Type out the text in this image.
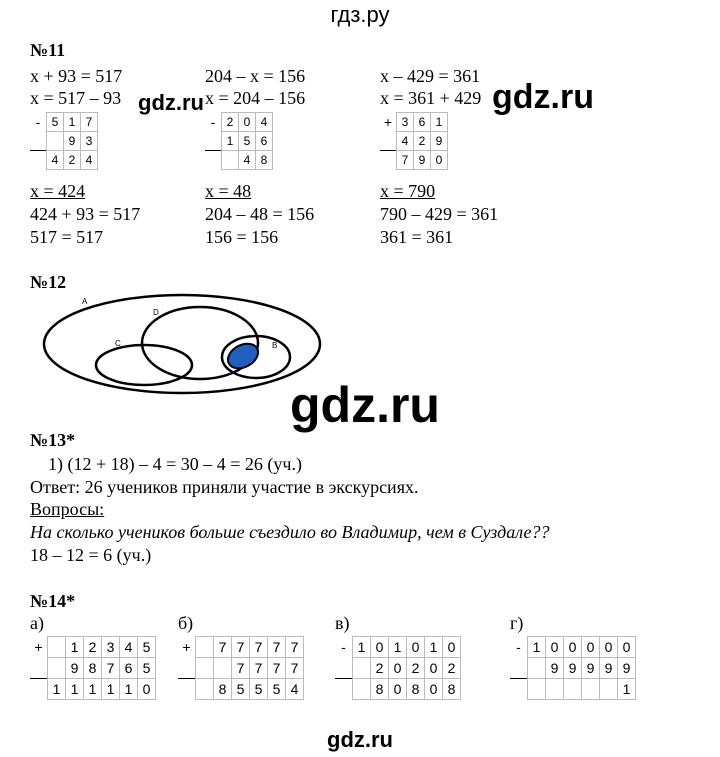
гдз.ру
№11
x + 93 = 517
x = 517 – 93
204 – x = 156
x = 204 – 156
x – 429 = 361
x = 361 + 429
gdz.ru	gdz.ru
-	5	1	7
		9	3
	4	2	4
-	2	0	4
	1	5	6
		4	8
+	3	6	1
	4	2	9
	7	9	0
x = 424
424 + 93 = 517
517 = 517
x = 48
204 – 48 = 156
156 = 156
x = 790
790 – 429 = 361
361 = 361
№12
A
D
C	B
gdz.ru
№13*
1) (12 + 18) – 4 = 30 – 4 = 26 (уч.)
Ответ: 26 учеников приняли участие в экскурсиях.
Вопросы:
На сколько учеников больше съездило во Владимир, чем в Суздале??
18 – 12 = 6 (уч.)
№14*
а)
+		1	2	3	4	5
		9	8	7	6	5
	1	1	1	1	1	0
б)
+		7	7	7	7	7
			7	7	7	7
		8	5	5	5	4
в)
-	1	0	1	0	1	0
		2	0	2	0	2
		8	0	8	0	8
г)
-	1	0	0	0	0	0
		9	9	9	9	9
						1
gdz.ru
